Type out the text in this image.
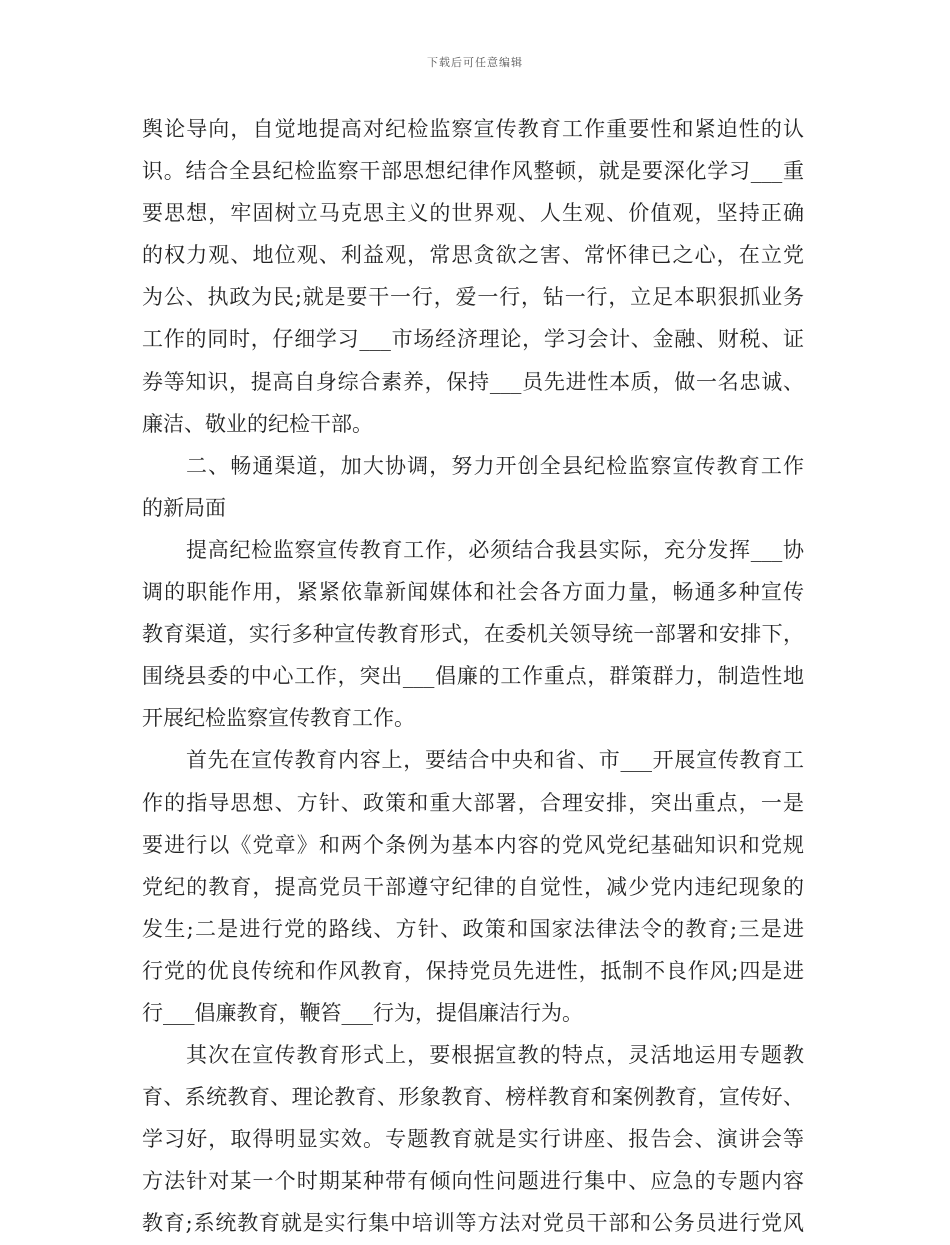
下载后可任意编辑
舆论导向，自觉地提高对纪检监察宣传教育工作重要性和紧迫性的认
识。结合全县纪检监察干部思想纪律作风整顿，就是要深化学习___重
要思想，牢固树立马克思主义的世界观、人生观、价值观，坚持正确
的权力观、地位观、利益观，常思贪欲之害、常怀律已之心，在立党
为公、执政为民;就是要干一行，爱一行，钻一行，立足本职狠抓业务
工作的同时，仔细学习___市场经济理论，学习会计、金融、财税、证
券等知识，提高自身综合素养，保持___员先进性本质，做一名忠诚、
廉洁、敬业的纪检干部。
二、畅通渠道，加大协调，努力开创全县纪检监察宣传教育工作
的新局面
提高纪检监察宣传教育工作，必须结合我县实际，充分发挥___协
调的职能作用，紧紧依靠新闻媒体和社会各方面力量，畅通多种宣传
教育渠道，实行多种宣传教育形式，在委机关领导统一部署和安排下，
围绕县委的中心工作，突出___倡廉的工作重点，群策群力，制造性地
开展纪检监察宣传教育工作。
首先在宣传教育内容上，要结合中央和省、市___开展宣传教育工
作的指导思想、方针、政策和重大部署，合理安排，突出重点，一是
要进行以《党章》和两个条例为基本内容的党风党纪基础知识和党规
党纪的教育，提高党员干部遵守纪律的自觉性，减少党内违纪现象的
发生;二是进行党的路线、方针、政策和国家法律法令的教育;三是进
行党的优良传统和作风教育，保持党员先进性，抵制不良作风;四是进
行___倡廉教育，鞭笞___行为，提倡廉洁行为。
其次在宣传教育形式上，要根据宣教的特点，灵活地运用专题教
育、系统教育、理论教育、形象教育、榜样教育和案例教育，宣传好、
学习好，取得明显实效。专题教育就是实行讲座、报告会、演讲会等
方法针对某一个时期某种带有倾向性问题进行集中、应急的专题内容
教育;系统教育就是实行集中培训等方法对党员干部和公务员进行党风
